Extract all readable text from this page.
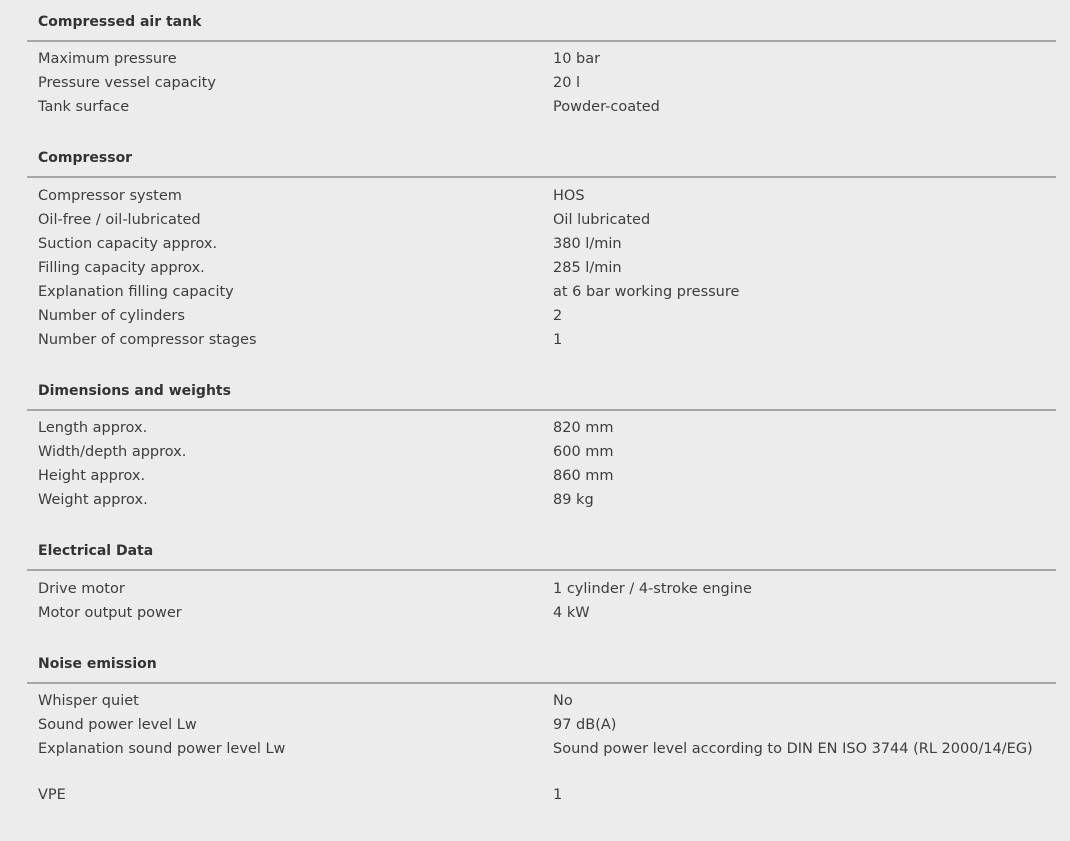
Compressed air tank
Maximum pressure	10 bar
Pressure vessel capacity	20 l
Tank surface	Powder-coated
Compressor
Compressor system	HOS
Oil-free / oil-lubricated	Oil lubricated
Suction capacity approx.	380 l/min
Filling capacity approx.	285 l/min
Explanation filling capacity	at 6 bar working pressure
Number of cylinders	2
Number of compressor stages	1
Dimensions and weights
Length approx.	820 mm
Width/depth approx.	600 mm
Height approx.	860 mm
Weight approx.	89 kg
Electrical Data
Drive motor	1 cylinder / 4-stroke engine
Motor output power	4 kW
Noise emission
Whisper quiet	No
Sound power level Lw	97 dB(A)
Explanation sound power level Lw	Sound power level according to DIN EN ISO 3744 (RL 2000/14/EG)
VPE	1
